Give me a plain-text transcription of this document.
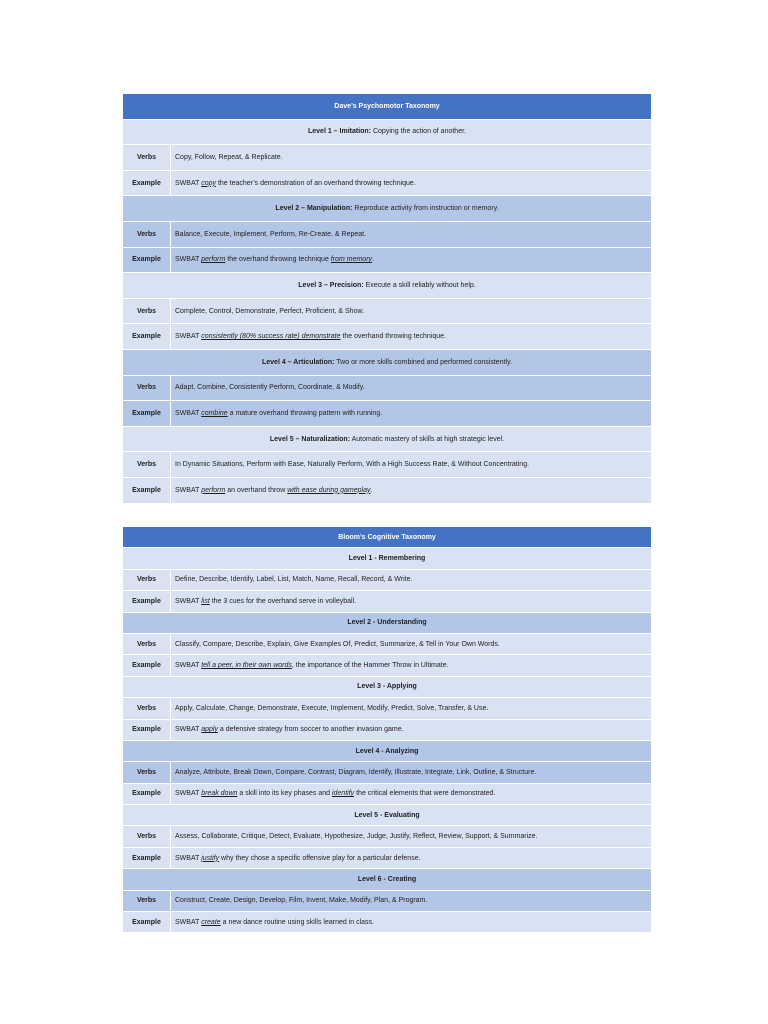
Dave’s Psychomotor Taxonomy	
Level 1 – Imitation: Copying the action of another.	
Verbs	Copy, Follow, Repeat, & Replicate.
Example	SWBAT copy the teacher’s demonstration of an overhand throwing technique.
Level 2 – Manipulation: Reproduce activity from instruction or memory.	
Verbs	Balance, Execute, Implement, Perform, Re-Create, & Repeat.
Example	SWBAT perform the overhand throwing technique from memory.
Level 3 – Precision: Execute a skill reliably without help.	
Verbs	Complete, Control, Demonstrate, Perfect, Proficient, & Show.
Example	SWBAT consistently (80% success rate) demonstrate the overhand throwing technique.
Level 4 – Articulation: Two or more skills combined and performed consistently.	
Verbs	Adapt, Combine, Consistently Perform, Coordinate, & Modify.
Example	SWBAT combine a mature overhand throwing pattern with running.
Level 5 – Naturalization: Automatic mastery of skills at high strategic level.	
Verbs	In Dynamic Situations, Perform with Ease, Naturally Perform, With a High Success Rate, & Without Concentrating.
Example	SWBAT perform an overhand throw with ease during gameplay.
Bloom’s Cognitive Taxonomy	
Level 1 - Remembering	
Verbs	Define, Describe, Identify, Label, List, Match, Name, Recall, Record, & Write.
Example	SWBAT list the 3 cues for the overhand serve in volleyball.
Level 2 - Understanding	
Verbs	Classify, Compare, Describe, Explain, Give Examples Of, Predict, Summarize, & Tell in Your Own Words.
Example	SWBAT tell a peer, in their own words, the importance of the Hammer Throw in Ultimate.
Level 3 - Applying	
Verbs	Apply, Calculate, Change, Demonstrate, Execute, Implement, Modify, Predict, Solve, Transfer, & Use.
Example	SWBAT apply a defensive strategy from soccer to another invasion game.
Level 4 - Analyzing	
Verbs	Analyze, Attribute, Break Down, Compare, Contrast, Diagram, Identify, Illustrate, Integrate, Link, Outline, & Structure.
Example	SWBAT break down a skill into its key phases and identify the critical elements that were demonstrated.
Level 5 - Evaluating	
Verbs	Assess, Collaborate, Critique, Detect, Evaluate, Hypothesize, Judge, Justify, Reflect, Review, Support, & Summarize.
Example	SWBAT justify why they chose a specific offensive play for a particular defense.
Level 6 - Creating	
Verbs	Construct, Create, Design, Develop, Film, Invent, Make, Modify, Plan, & Program.
Example	SWBAT create a new dance routine using skills learned in class.
